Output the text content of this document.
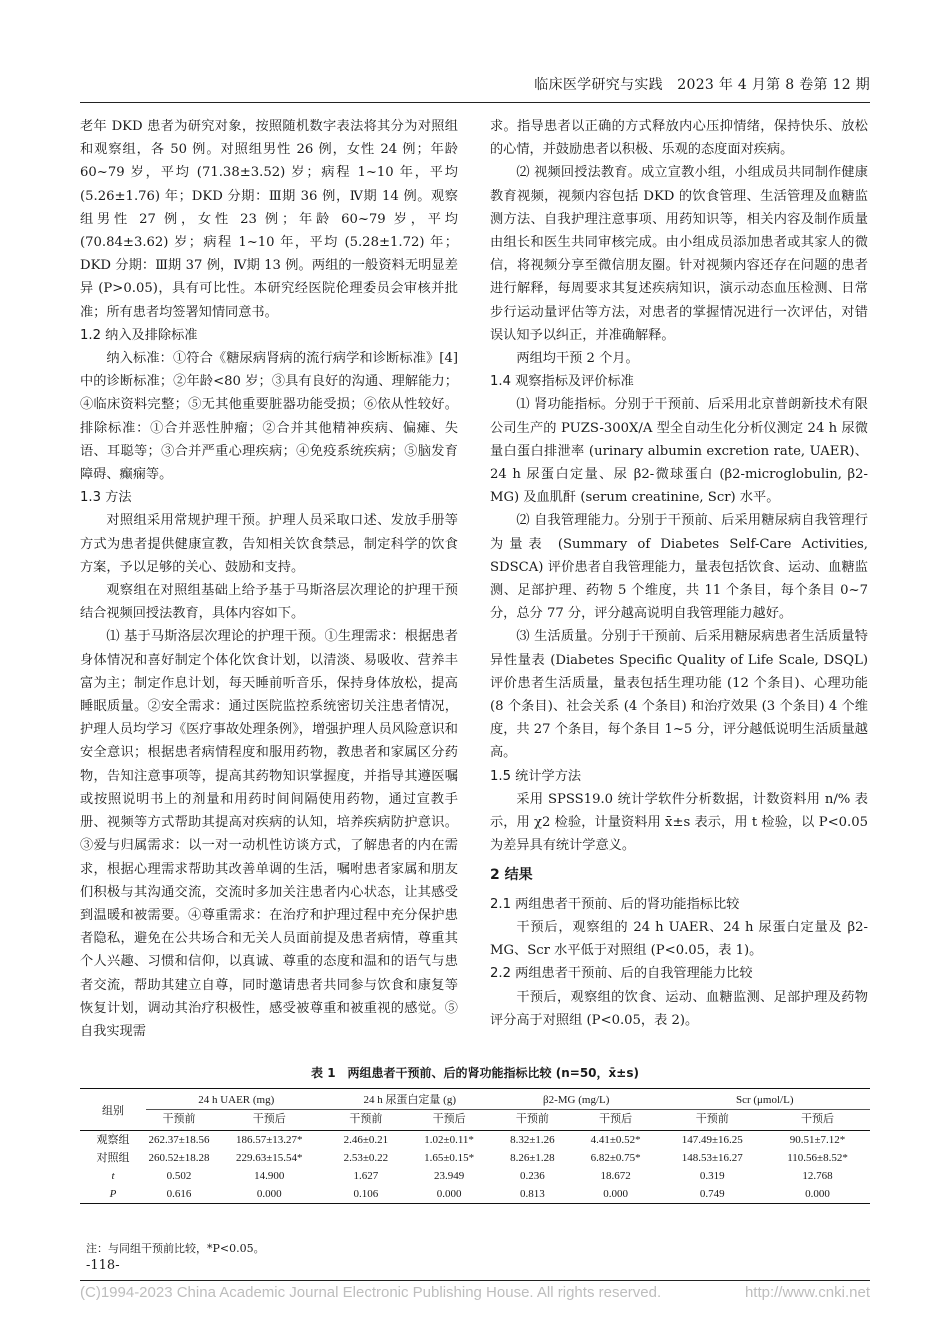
临床医学研究与实践　2023 年 4 月第 8 卷第 12 期

老年 DKD 患者为研究对象，按照随机数字表法将其分为对照组和观察组，各 50 例。对照组男性 26 例，女性 24 例；年龄 60~79 岁，平均 (71.38±3.52) 岁；病程 1~10 年，平均 (5.26±1.76) 年；DKD 分期：Ⅲ期 36 例，Ⅳ期 14 例。观察组男性 27 例，女性 23 例；年龄 60~79 岁，平均 (70.84±3.62) 岁；病程 1~10 年，平均 (5.28±1.72) 年；DKD 分期：Ⅲ期 37 例，Ⅳ期 13 例。两组的一般资料无明显差异 (P>0.05)，具有可比性。本研究经医院伦理委员会审核并批准；所有患者均签署知情同意书。

1.2 纳入及排除标准

纳入标准：①符合《糖尿病肾病的流行病学和诊断标准》[4]中的诊断标准；②年龄<80 岁；③具有良好的沟通、理解能力；④临床资料完整；⑤无其他重要脏器功能受损；⑥依从性较好。排除标准：①合并恶性肿瘤；②合并其他精神疾病、偏瘫、失语、耳聪等；③合并严重心理疾病；④免疫系统疾病；⑤脑发育障碍、癫痫等。

1.3 方法

对照组采用常规护理干预。护理人员采取口述、发放手册等方式为患者提供健康宣教，告知相关饮食禁忌，制定科学的饮食方案，予以足够的关心、鼓励和支持。

观察组在对照组基础上给予基于马斯洛层次理论的护理干预结合视频回授法教育，具体内容如下。

⑴ 基于马斯洛层次理论的护理干预。①生理需求：根据患者身体情况和喜好制定个体化饮食计划，以清淡、易吸收、营养丰富为主；制定作息计划，每天睡前听音乐，保持身体放松，提高睡眠质量。②安全需求：通过医院监控系统密切关注患者情况，护理人员均学习《医疗事故处理条例》，增强护理人员风险意识和安全意识；根据患者病情程度和服用药物，教患者和家属区分药物，告知注意事项等，提高其药物知识掌握度，并指导其遵医嘱或按照说明书上的剂量和用药时间间隔使用药物，通过宣教手册、视频等方式帮助其提高对疾病的认知，培养疾病防护意识。③爱与归属需求：以一对一动机性访谈方式，了解患者的内在需求，根据心理需求帮助其改善单调的生活，嘱咐患者家属和朋友们积极与其沟通交流，交流时多加关注患者内心状态，让其感受到温暖和被需要。④尊重需求：在治疗和护理过程中充分保护患者隐私，避免在公共场合和无关人员面前提及患者病情，尊重其个人兴趣、习惯和信仰，以真诚、尊重的态度和温和的语气与患者交流，帮助其建立自尊，同时邀请患者共同参与饮食和康复等恢复计划，调动其治疗积极性，感受被尊重和被重视的感觉。⑤自我实现需

求。指导患者以正确的方式释放内心压抑情绪，保持快乐、放松的心情，并鼓励患者以积极、乐观的态度面对疾病。

⑵ 视频回授法教育。成立宣教小组，小组成员共同制作健康教育视频，视频内容包括 DKD 的饮食管理、生活管理及血糖监测方法、自我护理注意事项、用药知识等，相关内容及制作质量由组长和医生共同审核完成。由小组成员添加患者或其家人的微信，将视频分享至微信朋友圈。针对视频内容还存在问题的患者进行解释，每周要求其复述疾病知识，演示动态血压检测、日常步行运动量评估等方法，对患者的掌握情况进行一次评估，对错误认知予以纠正，并准确解释。

两组均干预 2 个月。

1.4 观察指标及评价标准

⑴ 肾功能指标。分别于干预前、后采用北京普朗新技术有限公司生产的 PUZS-300X/A 型全自动生化分析仪测定 24 h 尿微量白蛋白排泄率 (urinary albumin excretion rate, UAER)、24 h 尿蛋白定量、尿 β2-微球蛋白 (β2-microglobulin, β2-MG) 及血肌酐 (serum creatinine, Scr) 水平。

⑵ 自我管理能力。分别于干预前、后采用糖尿病自我管理行为量表 (Summary of Diabetes Self-Care Activities, SDSCA) 评价患者自我管理能力，量表包括饮食、运动、血糖监测、足部护理、药物 5 个维度，共 11 个条目，每个条目 0~7 分，总分 77 分，评分越高说明自我管理能力越好。

⑶ 生活质量。分别于干预前、后采用糖尿病患者生活质量特异性量表 (Diabetes Specific Quality of Life Scale, DSQL) 评价患者生活质量，量表包括生理功能 (12 个条目)、心理功能 (8 个条目)、社会关系 (4 个条目) 和治疗效果 (3 个条目) 4 个维度，共 27 个条目，每个条目 1~5 分，评分越低说明生活质量越高。

1.5 统计学方法

采用 SPSS19.0 统计学软件分析数据，计数资料用 n/% 表示，用 χ2 检验，计量资料用 x̄±s 表示，用 t 检验，以 P<0.05 为差异具有统计学意义。

2 结果
2.1 两组患者干预前、后的肾功能指标比较

干预后，观察组的 24 h UAER、24 h 尿蛋白定量及 β2-MG、Scr 水平低于对照组 (P<0.05，表 1)。

2.2 两组患者干预前、后的自我管理能力比较

干预后，观察组的饮食、运动、血糖监测、足部护理及药物评分高于对照组 (P<0.05，表 2)。

表 1　两组患者干预前、后的肾功能指标比较 (n=50，x̄±s)
组别	24 h UAER (mg)		24 h 尿蛋白定量 (g)		β2-MG (mg/L)		Scr (μmol/L)	
	干预前	干预后	干预前	干预后	干预前	干预后	干预前	干预后
观察组	262.37±18.56	186.57±13.27*	2.46±0.21	1.02±0.11*	8.32±1.26	4.41±0.52*	147.49±16.25	90.51±7.12*
对照组	260.52±18.28	229.63±15.54*	2.53±0.22	1.65±0.15*	8.26±1.28	6.82±0.75*	148.53±16.27	110.56±8.52*
t	0.502	14.900	1.627	23.949	0.236	18.672	0.319	12.768
P	0.616	0.000	0.106	0.000	0.813	0.000	0.749	0.000
注：与同组干预前比较，*P<0.05。
-118-
(C)1994-2023 China Academic Journal Electronic Publishing House. All rights reserved.	http://www.cnki.net
